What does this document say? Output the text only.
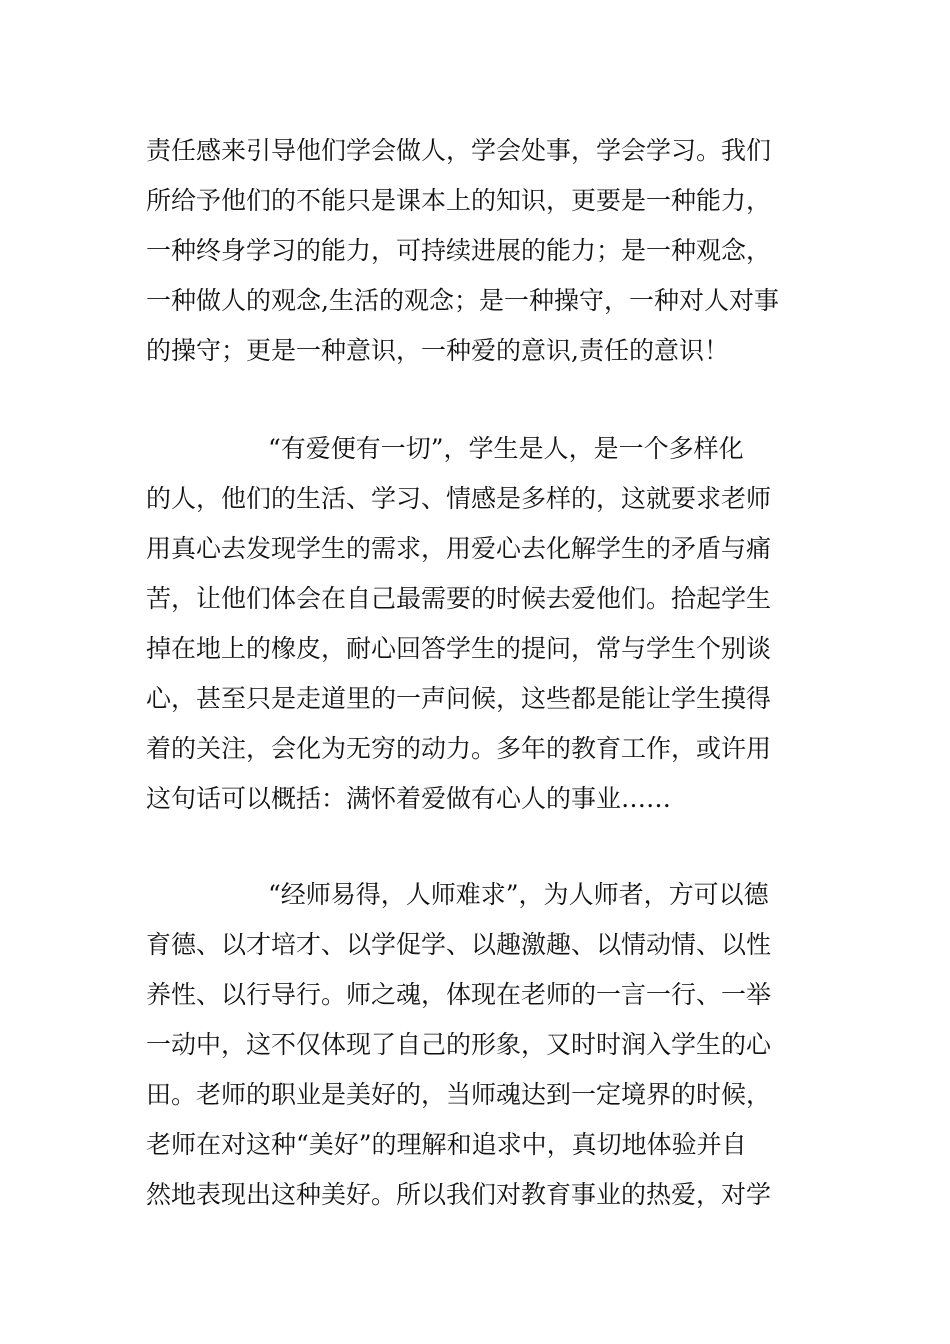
责任感来引导他们学会做人，学会处事，学会学习。我们
所给予他们的不能只是课本上的知识，更要是一种能力，
一种终身学习的能力，可持续进展的能力；是一种观念，
一种做人的观念,生活的观念；是一种操守，一种对人对事
的操守；更是一种意识，一种爱的意识,责任的意识！
“有爱便有一切”，学生是人，是一个多样化
的人，他们的生活、学习、情感是多样的，这就要求老师
用真心去发现学生的需求，用爱心去化解学生的矛盾与痛
苦，让他们体会在自己最需要的时候去爱他们。拾起学生
掉在地上的橡皮，耐心回答学生的提问，常与学生个别谈
心，甚至只是走道里的一声问候，这些都是能让学生摸得
着的关注，会化为无穷的动力。多年的教育工作，或许用
这句话可以概括：满怀着爱做有心人的事业……
“经师易得，人师难求”，为人师者，方可以德
育德、以才培才、以学促学、以趣激趣、以情动情、以性
养性、以行导行。师之魂，体现在老师的一言一行、一举
一动中，这不仅体现了自己的形象，又时时润入学生的心
田。老师的职业是美好的，当师魂达到一定境界的时候，
老师在对这种“美好”的理解和追求中，真切地体验并自
然地表现出这种美好。所以我们对教育事业的热爱，对学
